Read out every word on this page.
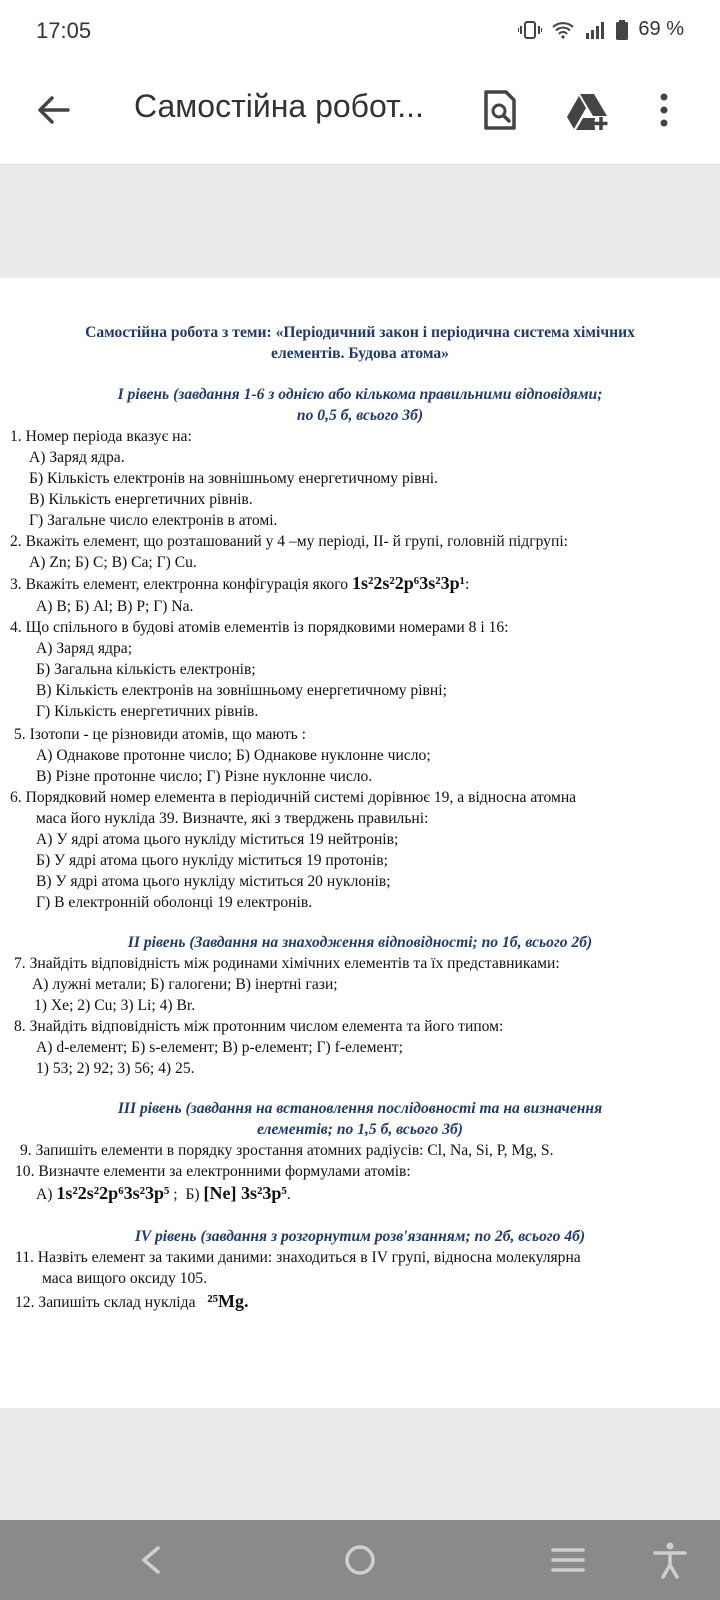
17:05	69 %
Самостійна робот...
Самостійна робота з теми: «Періодичний закон і періодична система хімічних
елементів. Будова атома»
І рівень (завдання 1-6 з однією або кількома правильними відповідями;
по 0,5 б, всього 3б)
1. Номер періода вказує на:
А) Заряд ядра.
Б) Кількість електронів на зовнішньому енергетичному рівні.
В) Кількість енергетичних рівнів.
Г) Загальне число електронів в атомі.
2. Вкажіть елемент, що розташований у 4 –му періоді, ІІ- й групі, головній підгрупі:
А) Zn; Б) C; В) Ca; Г) Cu.
3. Вкажіть елемент, електронна конфігурація якого 1s²2s²2p⁶3s²3p¹:
А) B; Б) Al; В) P; Г) Na.
4. Що спільного в будові атомів елементів із порядковими номерами 8 і 16:
А) Заряд ядра;
Б) Загальна кількість електронів;
В) Кількість електронів на зовнішньому енергетичному рівні;
Г) Кількість енергетичних рівнів.
5. Ізотопи - це різновиди атомів, що мають :
А) Однакове протонне число; Б) Однакове нуклонне число;
В) Різне протонне число; Г) Різне нуклонне число.
6. Порядковий номер елемента в періодичній системі дорівнює 19, а відносна атомна
маса його нукліда 39. Визначте, які з тверджень правильні:
А) У ядрі атома цього нукліду міститься 19 нейтронів;
Б) У ядрі атома цього нукліду міститься 19 протонів;
В) У ядрі атома цього нукліду міститься 20 нуклонів;
Г) В електронній оболонці 19 електронів.
ІІ рівень (Завдання на знаходження відповідності; по 1б, всього 2б)
7. Знайдіть відповідність між родинами хімічних елементів та їх представниками:
А) лужні метали; Б) галогени; В) інертні гази;
1) Xe; 2) Cu; 3) Li; 4) Br.
8. Знайдіть відповідність між протонним числом елемента та його типом:
А) d-елемент; Б) s-елемент; В) p-елемент; Г) f-елемент;
1) 53; 2) 92; 3) 56; 4) 25.
ІІІ рівень (завдання на встановлення послідовності та на визначення
елементів; по 1,5 б, всього 3б)
9. Запишіть елементи в порядку зростання атомних радіусів: Cl, Na, Si, P, Mg, S.
10. Визначте елементи за електронними формулами атомів:
А) 1s²2s²2p⁶3s²3p⁵ ;  Б) [Ne] 3s²3p⁵.
IV рівень (завдання з розгорнутим розв'язанням; по 2б, всього 4б)
11. Назвіть елемент за такими даними: знаходиться в IV групі, відносна молекулярна
маса вищого оксиду 105.
12. Запишіть склад нукліда ²⁵Mg.
